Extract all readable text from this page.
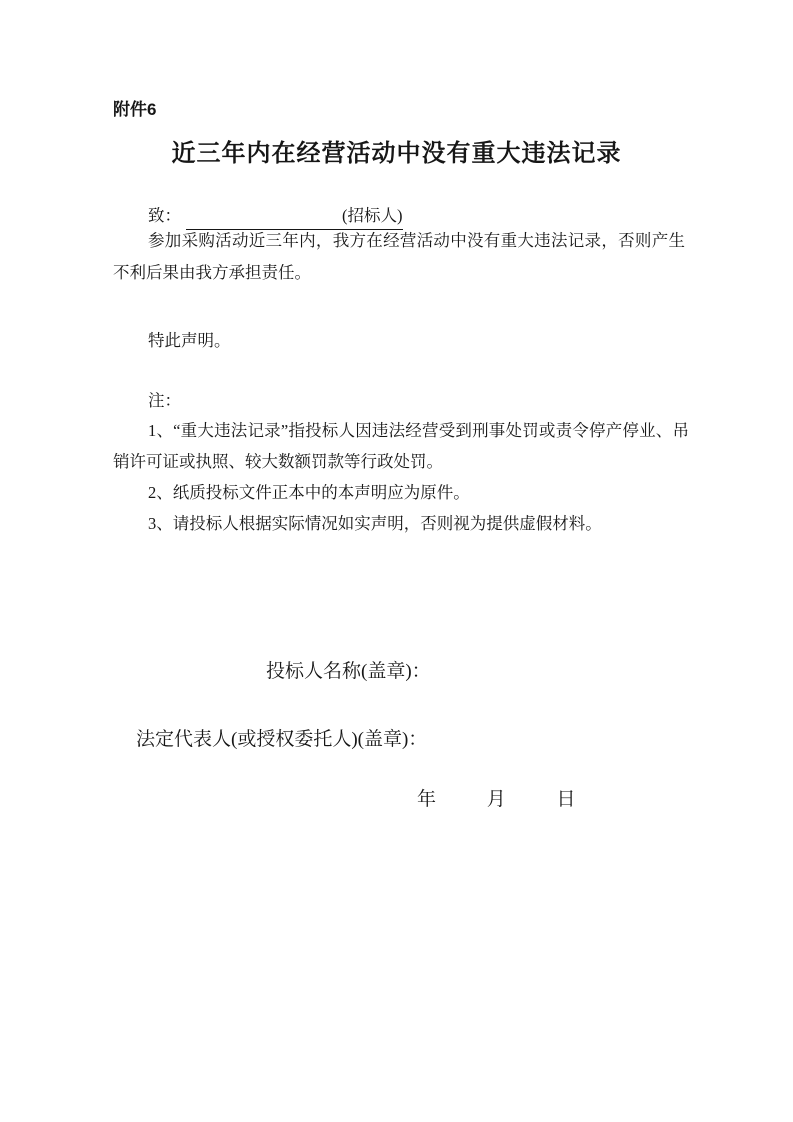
附件6
近三年内在经营活动中没有重大违法记录
致：	(招标人)

参加采购活动近三年内，我方在经营活动中没有重大违法记录，否则产生不利后果由我方承担责任。

特此声明。

注：

1、“重大违法记录”指投标人因违法经营受到刑事处罚或责令停产停业、吊销许可证或执照、较大数额罚款等行政处罚。

2、纸质投标文件正本中的本声明应为原件。

3、请投标人根据实际情况如实声明，否则视为提供虚假材料。

投标人名称(盖章)：
法定代表人(或授权委托人)(盖章)：
年	月	日
